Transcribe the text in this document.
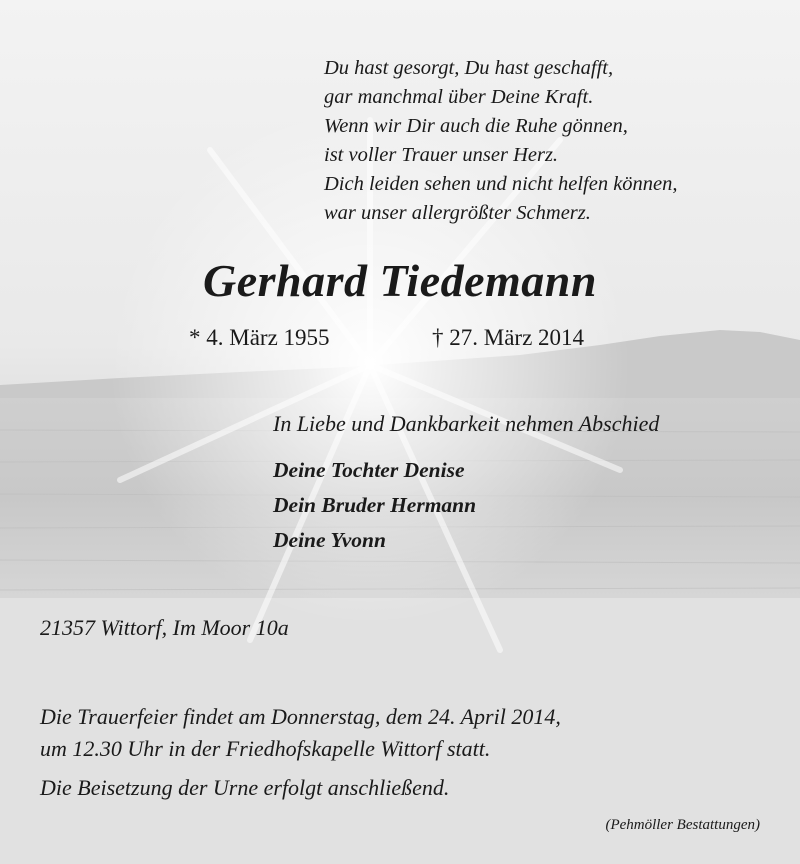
Du hast gesorgt, Du hast geschafft,
gar manchmal über Deine Kraft.
Wenn wir Dir auch die Ruhe gönnen,
ist voller Trauer unser Herz.
Dich leiden sehen und nicht helfen können,
war unser allergrößter Schmerz.
Gerhard Tiedemann
* 4. März 1955	† 27. März 2014
In Liebe und Dankbarkeit nehmen Abschied
Deine Tochter Denise
Dein Bruder Hermann
Deine Yvonn
21357 Wittorf, Im Moor 10a
Die Trauerfeier findet am Donnerstag, dem 24. April 2014,
um 12.30 Uhr in der Friedhofskapelle Wittorf statt.
Die Beisetzung der Urne erfolgt anschließend.
(Pehmöller Bestattungen)
